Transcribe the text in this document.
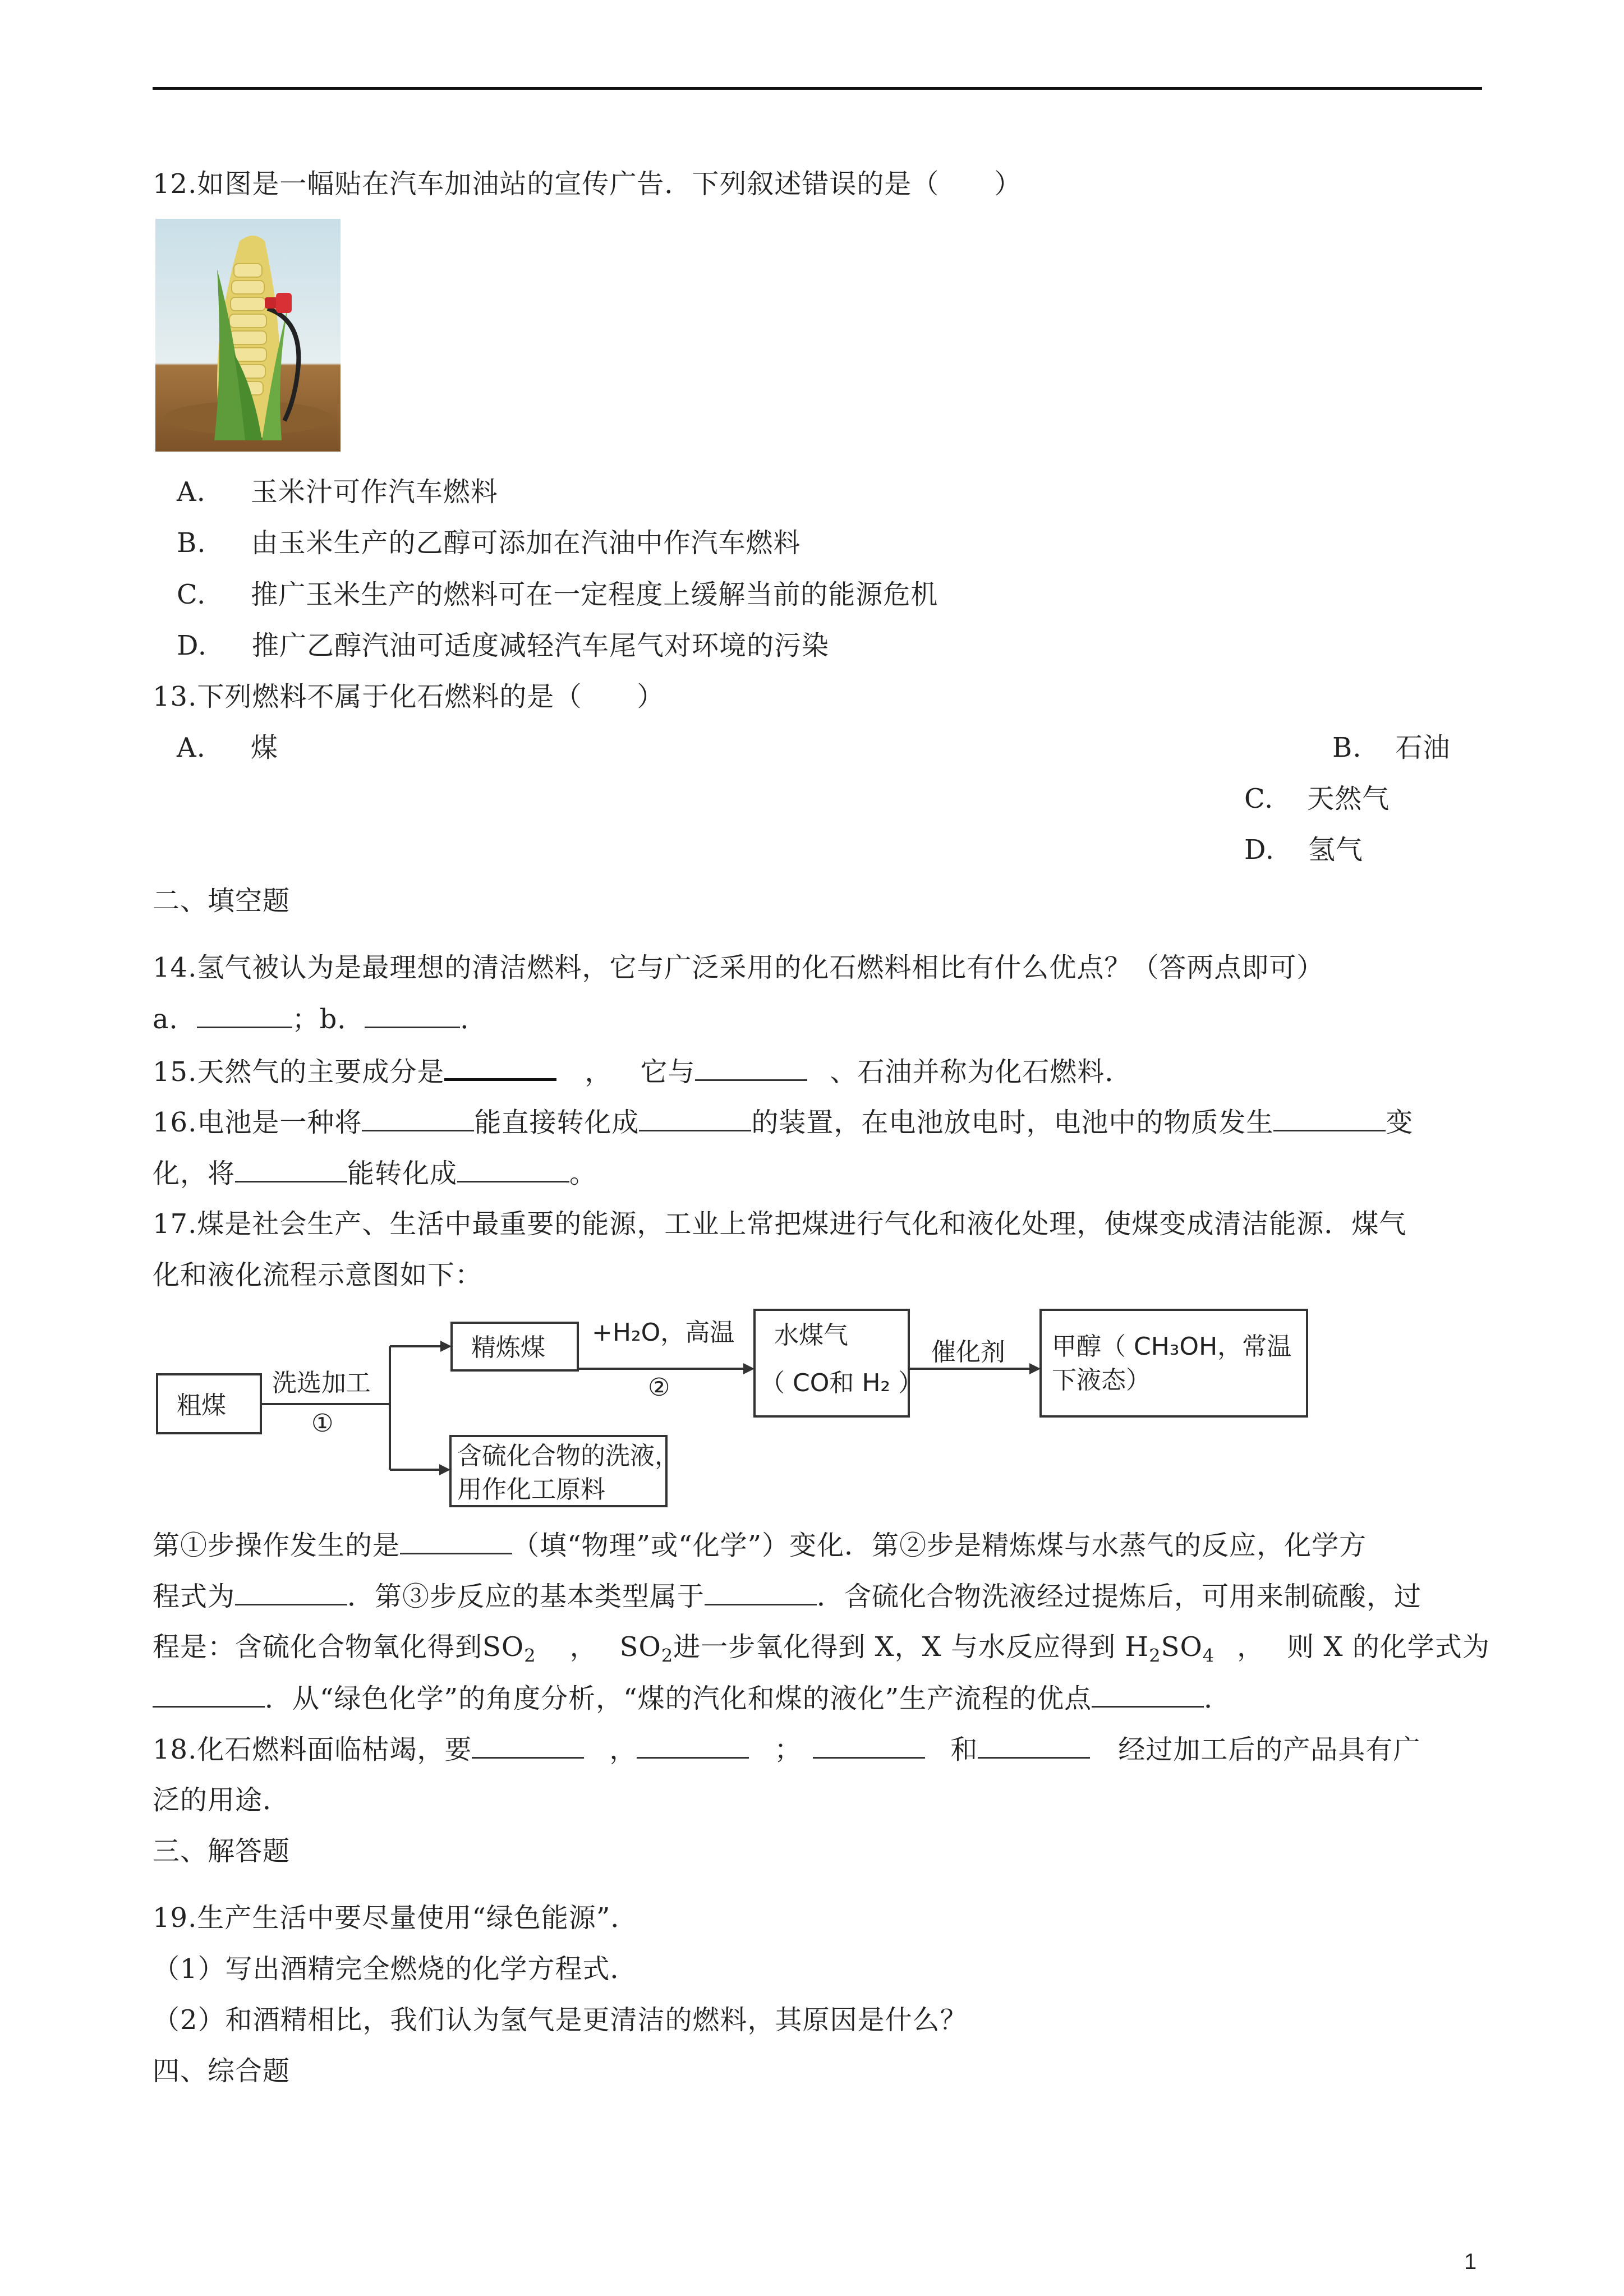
12.如图是一幅贴在汽车加油站的宣传广告．下列叙述错误的是（　　）
A. 玉米汁可作汽车燃料
B. 由玉米生产的乙醇可添加在汽油中作汽车燃料
C. 推广玉米生产的燃料可在一定程度上缓解当前的能源危机
D. 推广乙醇汽油可适度减轻汽车尾气对环境的污染
13.下列燃料不属于化石燃料的是（　　）
A. 煤	B. 石油
C. 天然气
D. 氢气
二、填空题
14.氢气被认为是最理想的清洁燃料，它与广泛采用的化石燃料相比有什么优点？（答两点即可）
a．	；b．	．
15.天然气的主要成分是	， 它与	、石油并称为化石燃料．
16.电池是一种将	能直接转化成	的装置，在电池放电时，电池中的物质发生	变
化，将	能转化成	。
17.煤是社会生产、生活中最重要的能源，工业上常把煤进行气化和液化处理，使煤变成清洁能源．煤气
化和液化流程示意图如下：
粗煤
洗选加工
①
精炼煤
+H₂O，高温
②
水煤气
（ CO和 H₂ ）
催化剂 甲醇（ CH₃OH，常温
下液态）
含硫化合物的洗液，
用作化工原料
第①步操作发生的是	（填“物理”或“化学”）变化．第②步是精炼煤与水蒸气的反应，化学方
程式为	．第③步反应的基本类型属于	．含硫化合物洗液经过提炼后，可用来制硫酸，过
程是：含硫化合物氧化得到$SO_2$ ， $SO_2$进一步氧化得到 X，X 与水反应得到 $H_2SO_4$ ， 则 X 的化学式为
．从“绿色化学”的角度分析，“煤的汽化和煤的液化”生产流程的优点	．
18.化石燃料面临枯竭，要	，	；	和	经过加工后的产品具有广
泛的用途．
三、解答题
19.生产生活中要尽量使用“绿色能源”．
（1）写出酒精完全燃烧的化学方程式．
（2）和酒精相比，我们认为氢气是更清洁的燃料，其原因是什么？
四、综合题
1
